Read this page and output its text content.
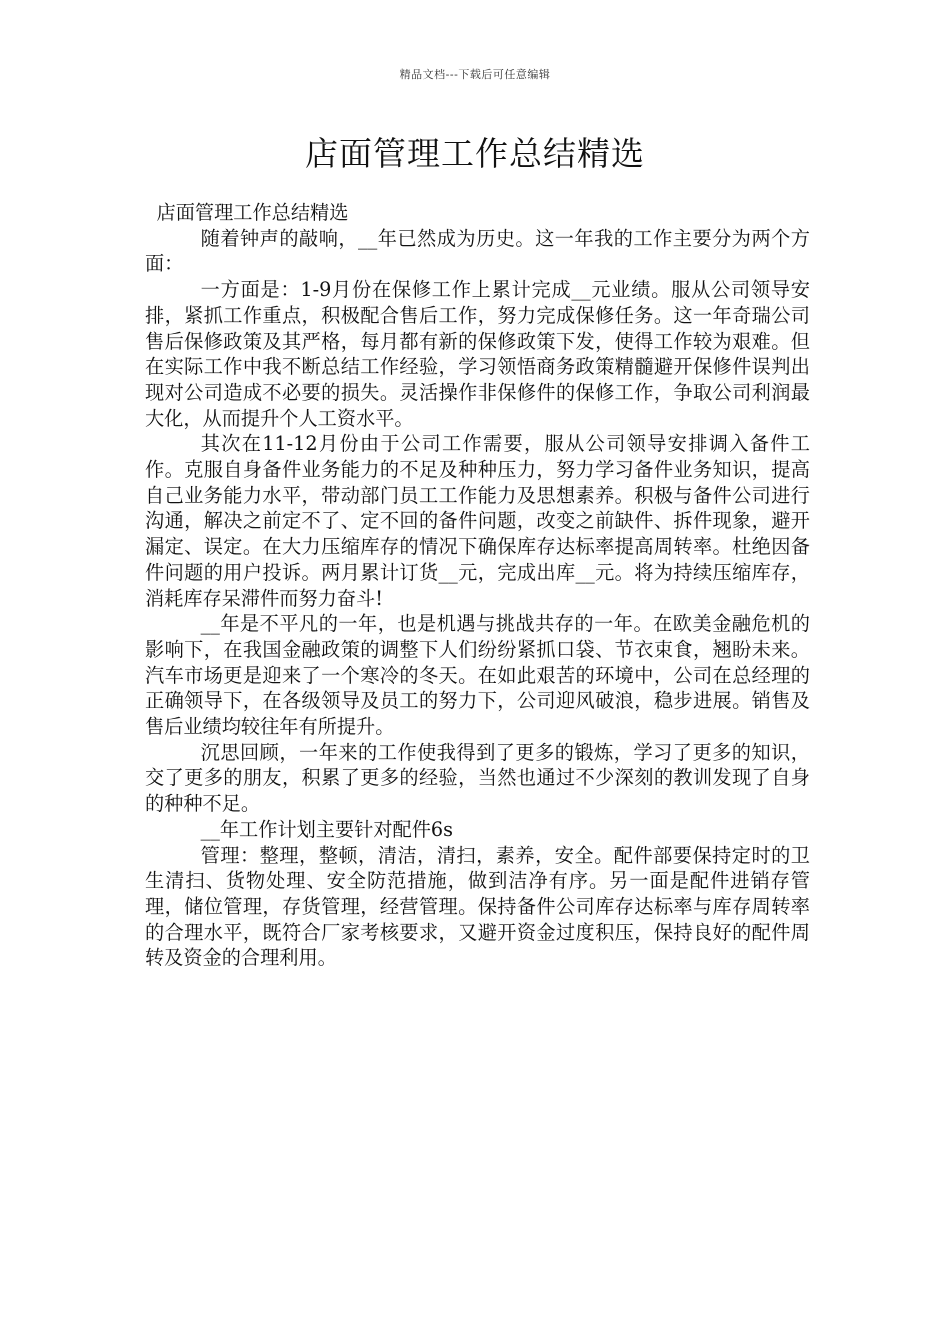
精品文档---下载后可任意编辑
店面管理工作总结精选

店面管理工作总结精选

随着钟声的敲响，__年已然成为历史。这一年我的工作主要分为两个方面：

一方面是：1-9月份在保修工作上累计完成__元业绩。服从公司领导安排，紧抓工作重点，积极配合售后工作，努力完成保修任务。这一年奇瑞公司售后保修政策及其严格，每月都有新的保修政策下发，使得工作较为艰难。但在实际工作中我不断总结工作经验，学习领悟商务政策精髓避开保修件误判出现对公司造成不必要的损失。灵活操作非保修件的保修工作，争取公司利润最大化，从而提升个人工资水平。

其次在11-12月份由于公司工作需要，服从公司领导安排调入备件工作。克服自身备件业务能力的不足及种种压力，努力学习备件业务知识，提高自己业务能力水平，带动部门员工工作能力及思想素养。积极与备件公司进行沟通，解决之前定不了、定不回的备件问题，改变之前缺件、拆件现象，避开漏定、误定。在大力压缩库存的情况下确保库存达标率提高周转率。杜绝因备件问题的用户投诉。两月累计订货__元，完成出库__元。将为持续压缩库存，消耗库存呆滞件而努力奋斗!

__年是不平凡的一年，也是机遇与挑战共存的一年。在欧美金融危机的影响下，在我国金融政策的调整下人们纷纷紧抓口袋、节衣束食，翘盼未来。汽车市场更是迎来了一个寒冷的冬天。在如此艰苦的环境中，公司在总经理的正确领导下，在各级领导及员工的努力下，公司迎风破浪，稳步进展。销售及售后业绩均较往年有所提升。

沉思回顾，一年来的工作使我得到了更多的锻炼，学习了更多的知识，交了更多的朋友，积累了更多的经验，当然也通过不少深刻的教训发现了自身的种种不足。

__年工作计划主要针对配件6s

管理：整理，整顿，清洁，清扫，素养，安全。配件部要保持定时的卫生清扫、货物处理、安全防范措施，做到洁净有序。另一面是配件进销存管理，储位管理，存货管理，经营管理。保持备件公司库存达标率与库存周转率的合理水平，既符合厂家考核要求，又避开资金过度积压，保持良好的配件周转及资金的合理利用。
